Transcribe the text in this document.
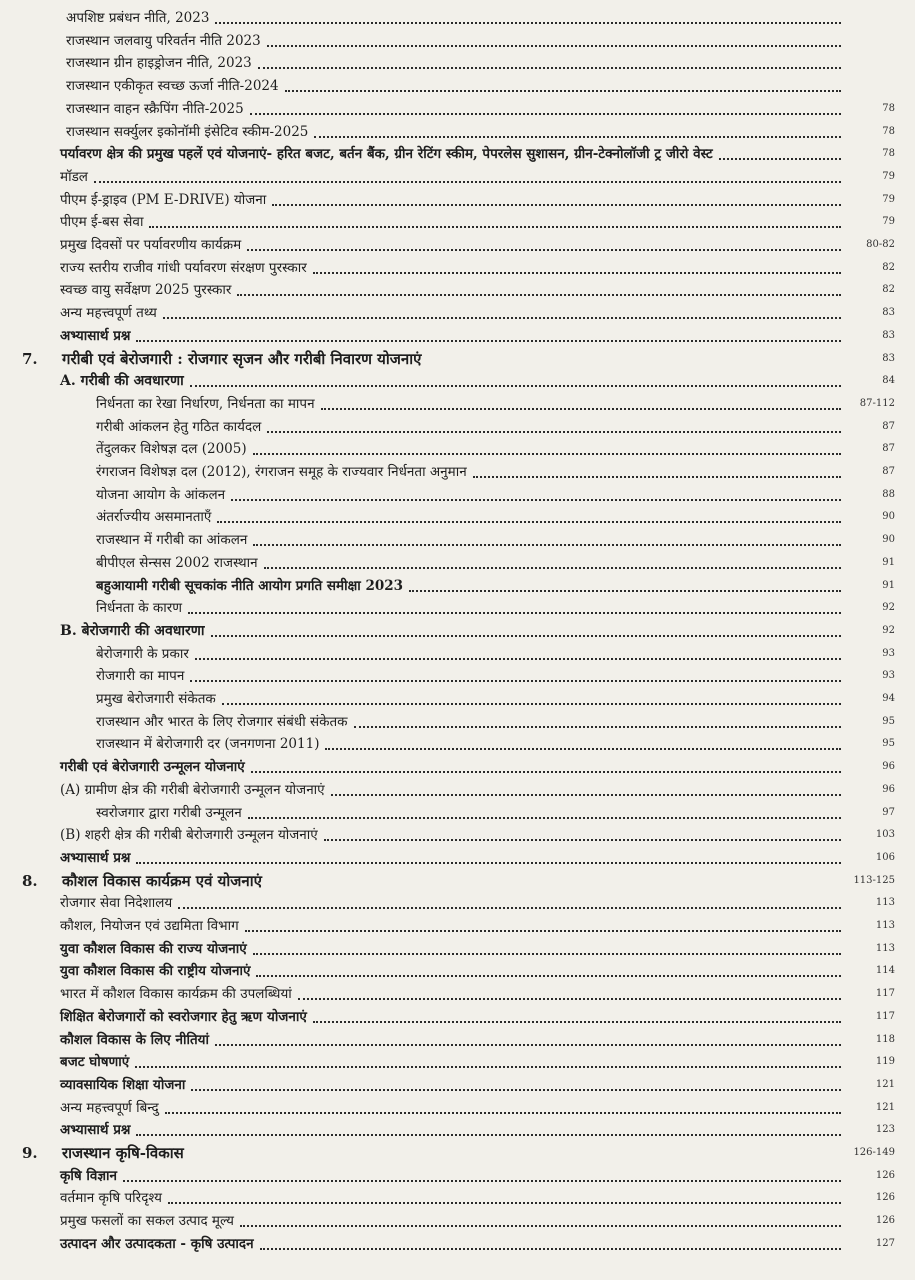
अपशिष्ट प्रबंधन नीति, 2023
राजस्थान जलवायु परिवर्तन नीति 2023
राजस्थान ग्रीन हाइड्रोजन नीति, 2023
राजस्थान एकीकृत स्वच्छ ऊर्जा नीति-2024
राजस्थान वाहन स्क्रैपिंग नीति-2025	78
राजस्थान सर्क्युलर इकोनॉमी इंसेटिव स्कीम-2025	78
पर्यावरण क्षेत्र की प्रमुख पहलें एवं योजनाएं- हरित बजट, बर्तन बैंक, ग्रीन रेटिंग स्कीम, पेपरलेस सुशासन, ग्रीन-टेक्नोलॉजी ट्र जीरो वेस्ट	78
मॉडल	79
पीएम ई-ड्राइव (PM E-DRIVE) योजना	79
पीएम ई-बस सेवा	79
प्रमुख दिवसों पर पर्यावरणीय कार्यक्रम	80-82
राज्य स्तरीय राजीव गांधी पर्यावरण संरक्षण पुरस्कार	82
स्वच्छ वायु सर्वेक्षण 2025 पुरस्कार	82
अन्य महत्त्वपूर्ण तथ्य	83
अभ्यासार्थ प्रश्न	83
7.	गरीबी एवं बेरोजगारी : रोजगार सृजन और गरीबी निवारण योजनाएं	83
A. गरीबी की अवधारणा	84
निर्धनता का रेखा निर्धारण, निर्धनता का मापन	87-112
गरीबी आंकलन हेतु गठित कार्यदल	87
तेंदुलकर विशेषज्ञ दल (2005)	87
रंगराजन विशेषज्ञ दल (2012), रंगराजन समूह के राज्यवार निर्धनता अनुमान	87
योजना आयोग के आंकलन	88
अंतर्राज्यीय असमानताएँ	90
राजस्थान में गरीबी का आंकलन	90
बीपीएल सेन्सस 2002 राजस्थान	91
बहुआयामी गरीबी सूचकांक नीति आयोग प्रगति समीक्षा 2023	91
निर्धनता के कारण	92
B. बेरोजगारी की अवधारणा	92
बेरोजगारी के प्रकार	93
रोजगारी का मापन	93
प्रमुख बेरोजगारी संकेतक	94
राजस्थान और भारत के लिए रोजगार संबंधी संकेतक	95
राजस्थान में बेरोजगारी दर (जनगणना 2011)	95
गरीबी एवं बेरोजगारी उन्मूलन योजनाएं	96
(A) ग्रामीण क्षेत्र की गरीबी बेरोजगारी उन्मूलन योजनाएं	96
स्वरोजगार द्वारा गरीबी उन्मूलन	97
(B) शहरी क्षेत्र की गरीबी बेरोजगारी उन्मूलन योजनाएं	103
अभ्यासार्थ प्रश्न	106
8.	कौशल विकास कार्यक्रम एवं योजनाएं	113-125
रोजगार सेवा निदेशालय	113
कौशल, नियोजन एवं उद्यमिता विभाग	113
युवा कौशल विकास की राज्य योजनाएं	113
युवा कौशल विकास की राष्ट्रीय योजनाएं	114
भारत में कौशल विकास कार्यक्रम की उपलब्धियां	117
शिक्षित बेरोजगारों को स्वरोजगार हेतु ऋण योजनाएं	117
कौशल विकास के लिए नीतियां	118
बजट घोषणाएं	119
व्यावसायिक शिक्षा योजना	121
अन्य महत्त्वपूर्ण बिन्दु	121
अभ्यासार्थ प्रश्न	123
9.	राजस्थान कृषि-विकास	126-149
कृषि विज्ञान	126
वर्तमान कृषि परिदृश्य	126
प्रमुख फसलों का सकल उत्पाद मूल्य	126
उत्पादन और उत्पादकता - कृषि उत्पादन	127
